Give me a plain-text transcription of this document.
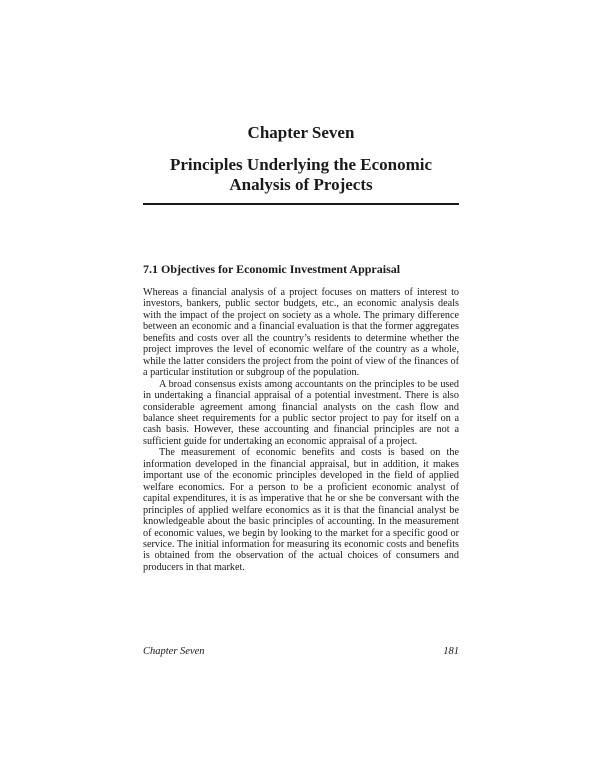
Chapter Seven
Principles Underlying the Economic
Analysis of Projects
7.1 Objectives for Economic Investment Appraisal

Whereas a financial analysis of a project focuses on matters of interest to investors, bankers, public sector budgets, etc., an economic analysis deals with the impact of the project on society as a whole. The primary difference between an economic and a financial evaluation is that the former aggregates benefits and costs over all the country’s residents to determine whether the project improves the level of economic welfare of the country as a whole, while the latter considers the project from the point of view of the finances of a particular institution or subgroup of the population.

A broad consensus exists among accountants on the principles to be used in undertaking a financial appraisal of a potential investment. There is also considerable agreement among financial analysts on the cash flow and balance sheet requirements for a public sector project to pay for itself on a cash basis. However, these accounting and financial principles are not a sufficient guide for undertaking an economic appraisal of a project.

The measurement of economic benefits and costs is based on the information developed in the financial appraisal, but in addition, it makes important use of the economic principles developed in the field of applied welfare economics. For a person to be a proficient economic analyst of capital expenditures, it is as imperative that he or she be conversant with the principles of applied welfare economics as it is that the financial analyst be knowledgeable about the basic principles of accounting. In the measurement of economic values, we begin by looking to the market for a specific good or service. The initial information for measuring its economic costs and benefits is obtained from the observation of the actual choices of consumers and producers in that market.

Chapter Seven	181
